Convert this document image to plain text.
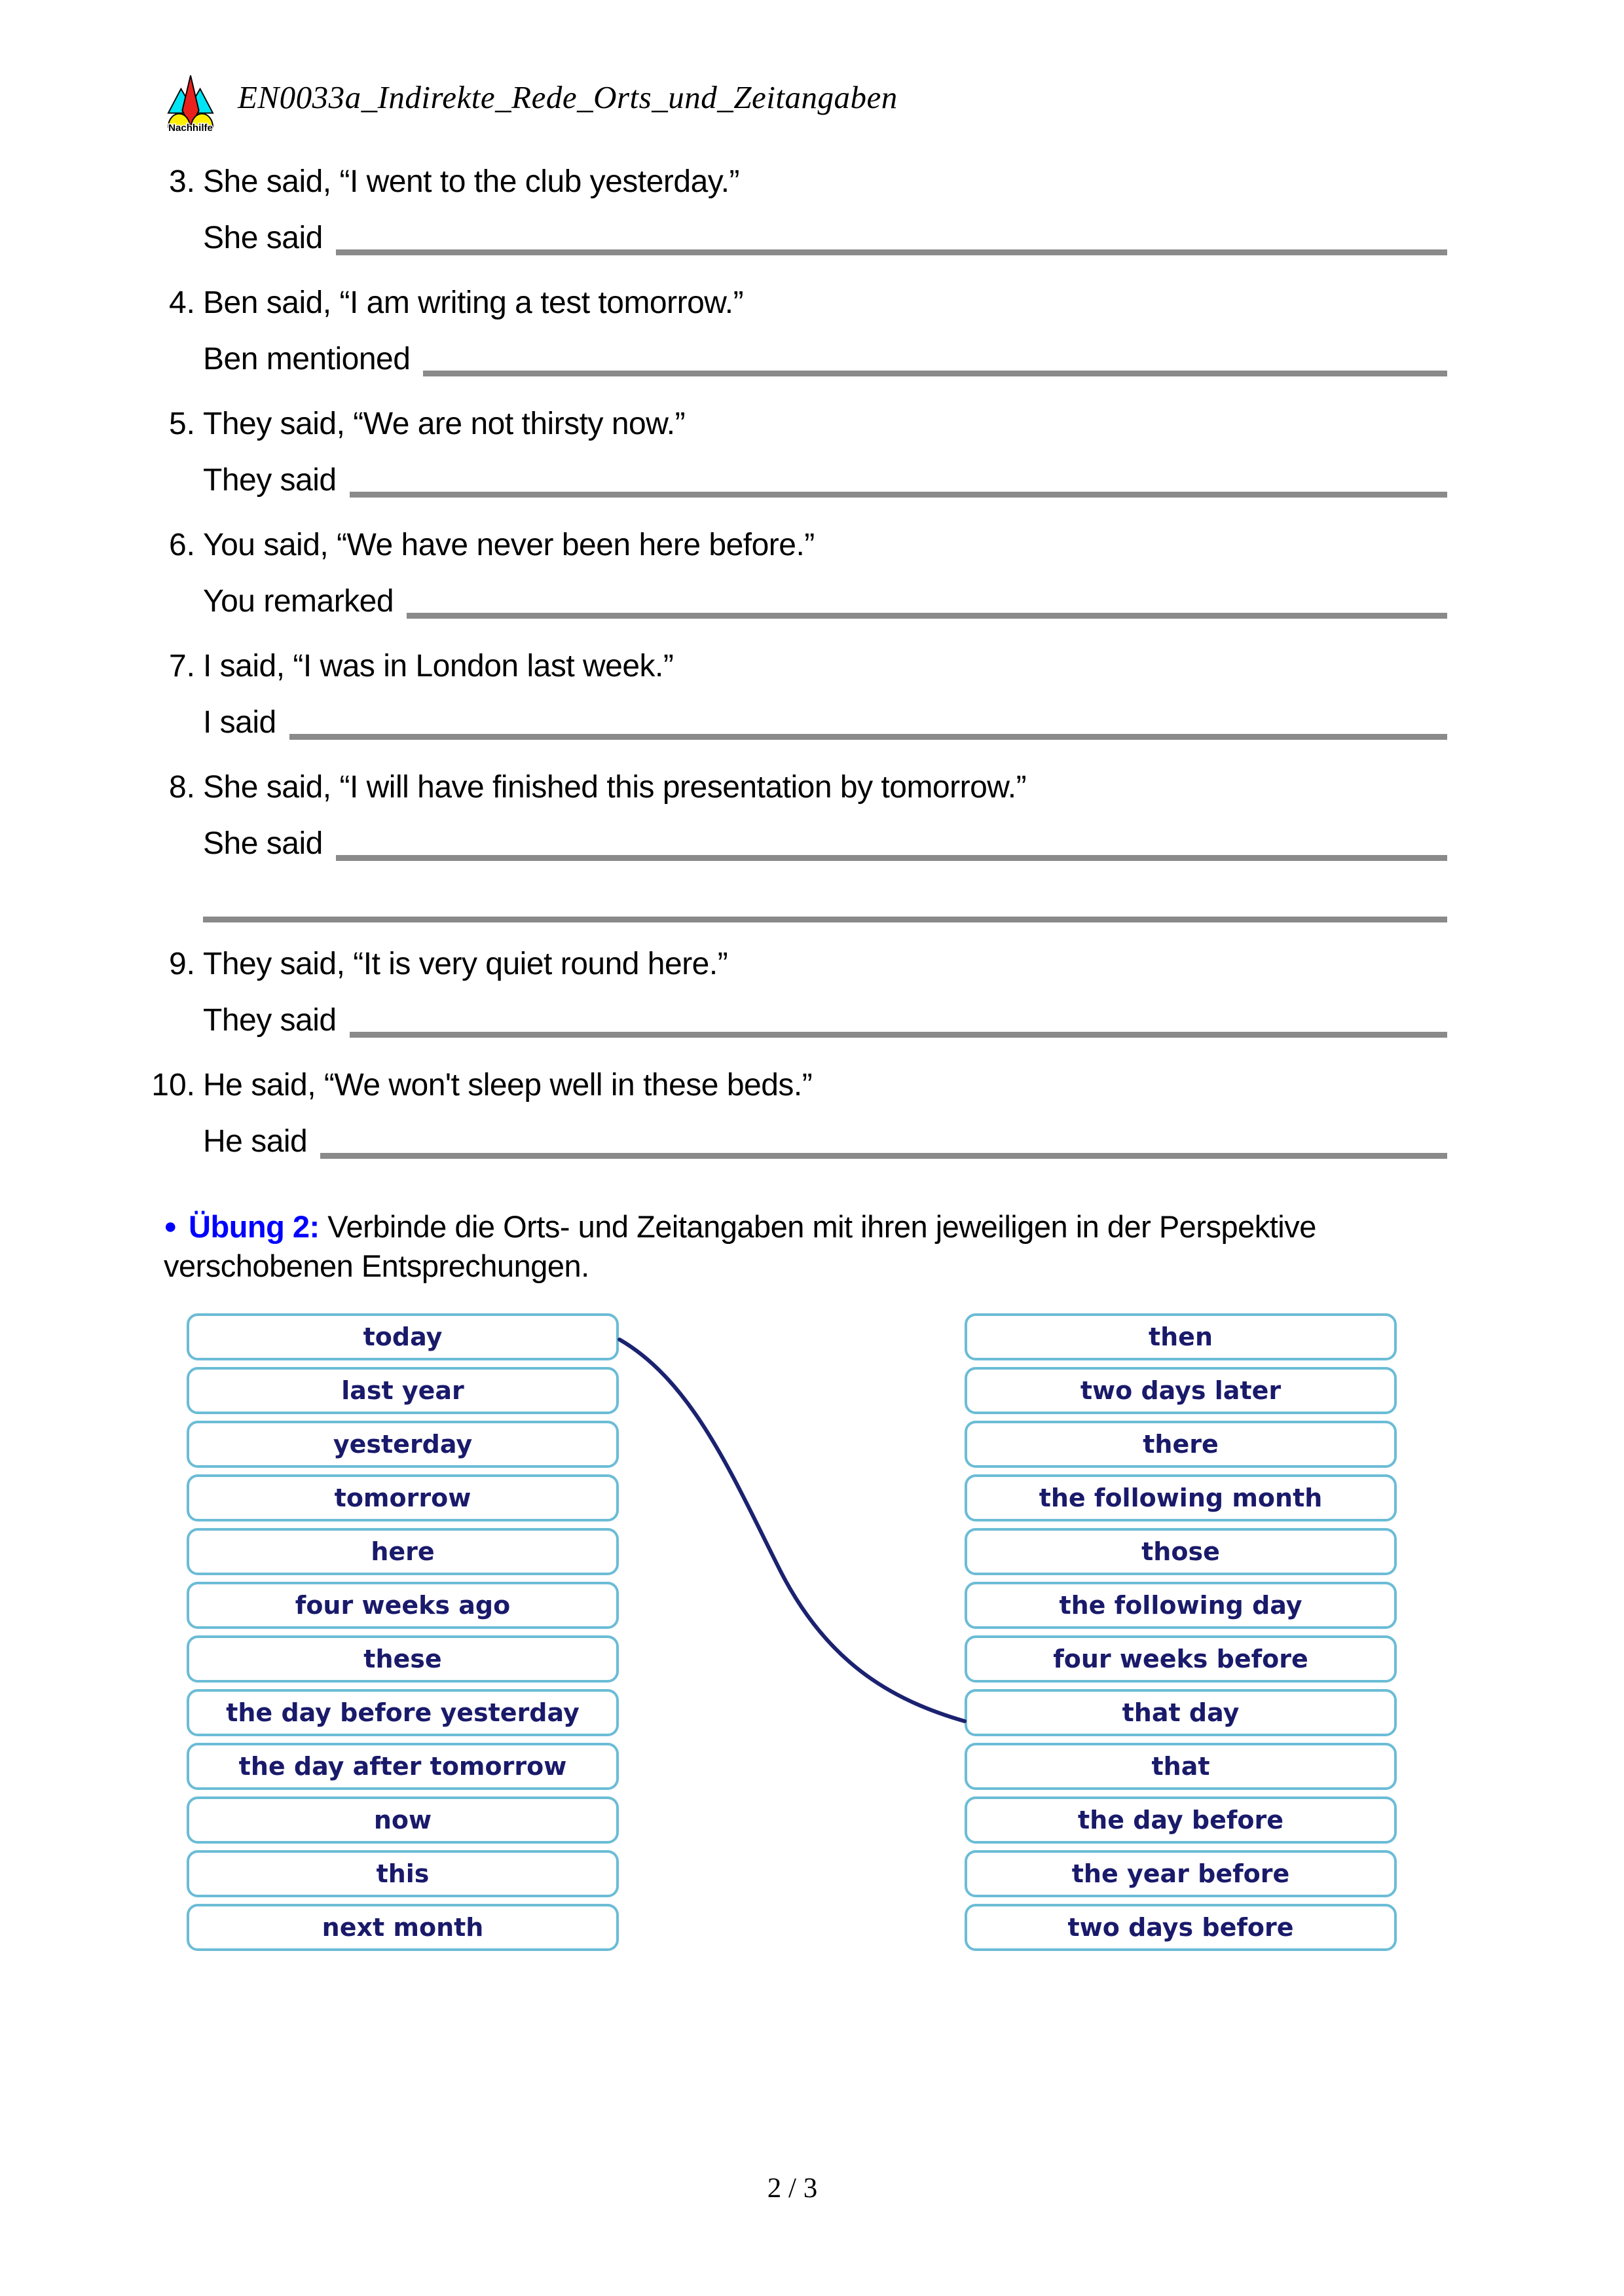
Nachhilfe
EN0033a_Indirekte_Rede_Orts_und_Zeitangaben
3. She said, “I went to the club yesterday.”
She said
4. Ben said, “I am writing a test tomorrow.”
Ben mentioned
5. They said, “We are not thirsty now.”
They said
6. You said, “We have never been here before.”
You remarked
7. I said, “I was in London last week.”
I said
8. She said, “I will have finished this presentation by tomorrow.”
She said
9. They said, “It is very quiet round here.”
They said
10. He said, “We won't sleep well in these beds.”
He said
● Übung 2: Verbinde die Orts- und Zeitangaben mit ihren jeweiligen in der Perspektive verschobenen Entsprechungen.
today
last year
yesterday
tomorrow
here
four weeks ago
these
the day before yesterday
the day after tomorrow
now
this
next month
then
two days later
there
the following month
those
the following day
four weeks before
that day
that
the day before
the year before
two days before
2 / 3
